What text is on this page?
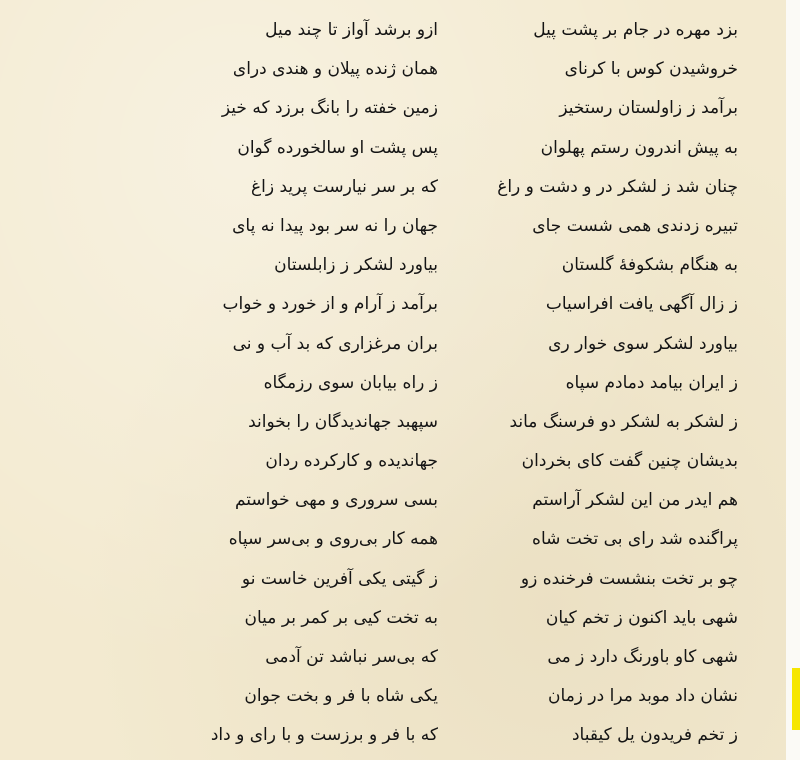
بزد مهره در جام بر پشت پیل
ازو برشد آواز تا چند میل
خروشیدن کوس با کرنای
همان ژنده پیلان و هندی درای
برآمد ز زاولستان رستخیز
زمین خفته را بانگ برزد که خیز
به پیش اندرون رستم پهلوان
پس پشت او سالخورده گوان
چنان شد ز لشکر در و دشت و راغ
که بر سر نیارست پرید زاغ
تبیره زدندی همی شست جای
جهان را نه سر بود پیدا نه پای
به هنگام بشکوفهٔ گلستان
بیاورد لشکر ز زابلستان
ز زال آگهی یافت افراسیاب
برآمد ز آرام و از خورد و خواب
بیاورد لشکر سوی خوار ری
بران مرغزاری که بد آب و نی
ز ایران بیامد دمادم سپاه
ز راه بیابان سوی رزمگاه
ز لشکر به لشکر دو فرسنگ ماند
سپهبد جهاندیدگان را بخواند
بدیشان چنین گفت کای بخردان
جهاندیده و کارکرده ردان
هم ایدر من این لشکر آراستم
بسی سروری و مهی خواستم
پراگنده شد رای بی تخت شاه
همه کار بی‌روی و بی‌سر سپاه
چو بر تخت بنشست فرخنده زو
ز گیتی یکی آفرین خاست نو
شهی باید اکنون ز تخم کیان
به تخت کیی بر کمر بر میان
شهی کاو باورنگ دارد ز می
که بی‌سر نباشد تن آدمی
نشان داد موبد مرا در زمان
یکی شاه با فر و بخت جوان
ز تخم فریدون یل کیقباد
که با فر و برزست و با رای و داد
